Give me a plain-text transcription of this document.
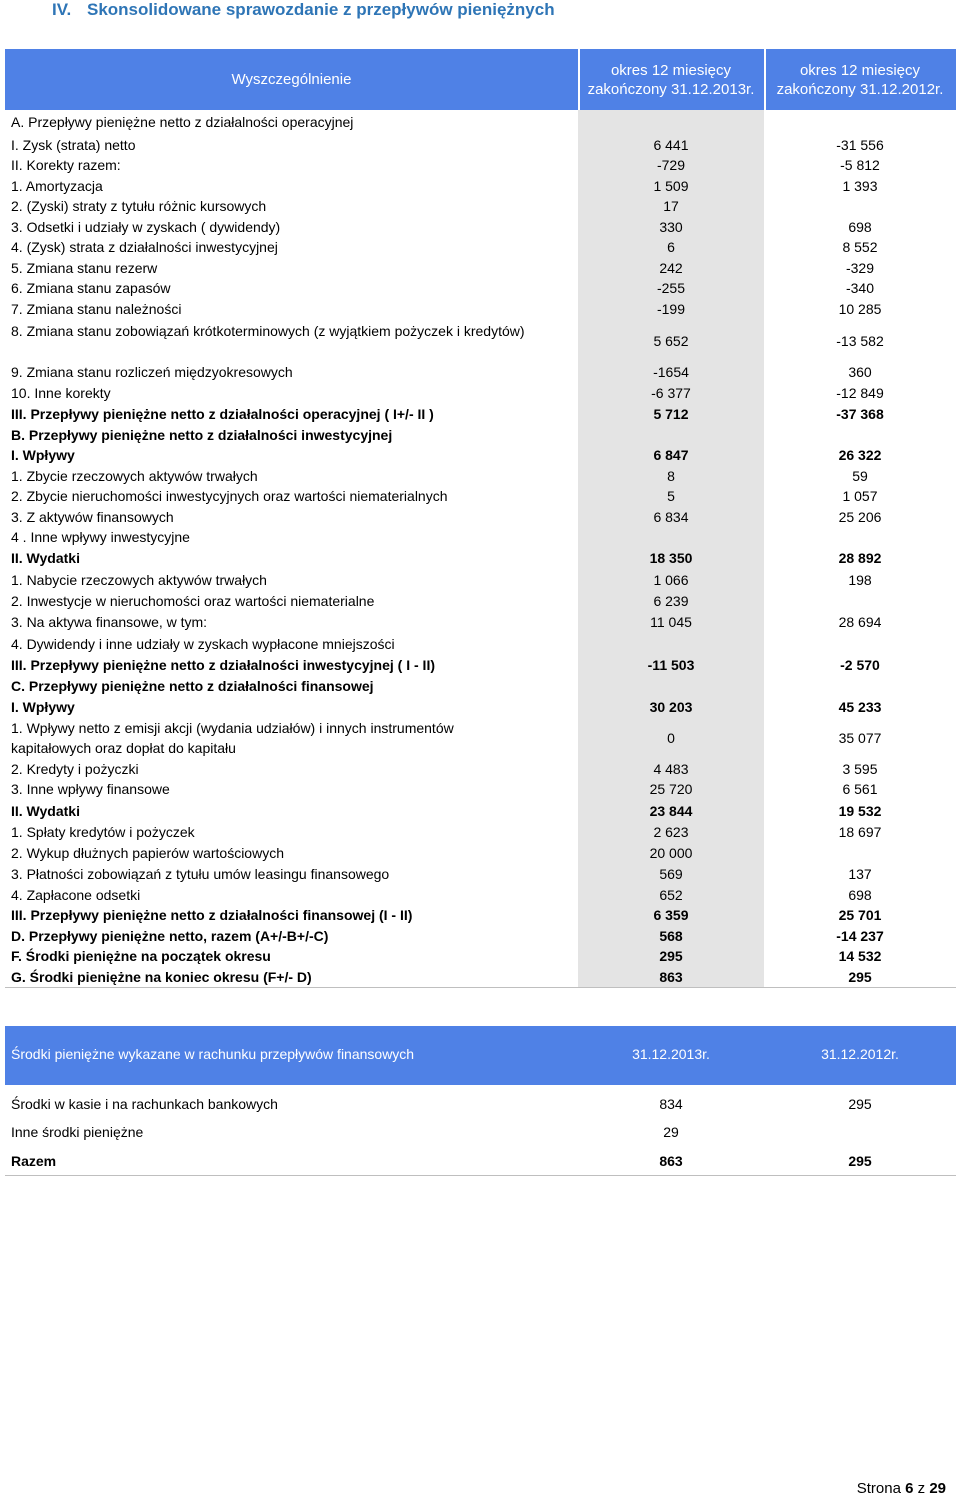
IV. Skonsolidowane sprawozdanie z przepływów pieniężnych
Wyszczególnienie
okres 12 miesięcy zakończony 31.12.2013r.
okres 12 miesięcy zakończony 31.12.2012r.
A. Przepływy pieniężne netto z działalności operacyjnej
I. Zysk (strata) netto	6 441	-31 556
II. Korekty razem:	-729	-5 812
1. Amortyzacja	1 509	1 393
2. (Zyski) straty z tytułu różnic kursowych	17
3. Odsetki i udziały w zyskach ( dywidendy)	330	698
4. (Zysk) strata z działalności inwestycyjnej	6	8 552
5. Zmiana stanu rezerw	242	-329
6. Zmiana stanu zapasów	-255	-340
7. Zmiana stanu należności	-199	10 285
8. Zmiana stanu zobowiązań krótkoterminowych (z wyjątkiem pożyczek i kredytów)
5 652	-13 582
9. Zmiana stanu rozliczeń międzyokresowych	-1654	360
10. Inne korekty	-6 377	-12 849
III. Przepływy pieniężne netto z działalności operacyjnej ( I+/- II )	5 712	-37 368
B. Przepływy pieniężne netto z działalności inwestycyjnej
I. Wpływy	6 847	26 322
1. Zbycie rzeczowych aktywów trwałych	8	59
2. Zbycie nieruchomości inwestycyjnych oraz wartości niematerialnych	5	1 057
3. Z aktywów finansowych	6 834	25 206
4 . Inne wpływy inwestycyjne
II. Wydatki	18 350	28 892
1. Nabycie rzeczowych aktywów trwałych	1 066	198
2. Inwestycje w nieruchomości oraz wartości niematerialne	6 239
3. Na aktywa finansowe, w tym:	11 045	28 694
4. Dywidendy i inne udziały w zyskach wypłacone mniejszości
III. Przepływy pieniężne netto z działalności inwestycyjnej ( I - II)	-11 503	-2 570
C. Przepływy pieniężne netto z działalności finansowej
I. Wpływy	30 203	45 233
1. Wpływy netto z emisji akcji (wydania udziałów) i innych instrumentów kapitałowych oraz dopłat do kapitału
0	35 077
2. Kredyty i pożyczki	4 483	3 595
3. Inne wpływy finansowe	25 720	6 561
II. Wydatki	23 844	19 532
1. Spłaty kredytów i pożyczek	2 623	18 697
2. Wykup dłużnych papierów wartościowych	20 000
3. Płatności zobowiązań z tytułu umów leasingu finansowego	569	137
4. Zapłacone odsetki	652	698
III. Przepływy pieniężne netto z działalności finansowej (I - II)	6 359	25 701
D. Przepływy pieniężne netto, razem (A+/-B+/-C)	568	-14 237
F. Środki pieniężne na początek okresu	295	14 532
G. Środki pieniężne na koniec okresu (F+/- D)	863	295
Środki pieniężne wykazane w rachunku przepływów finansowych	31.12.2013r.	31.12.2012r.
Środki w kasie i na rachunkach bankowych	834	295
Inne środki pieniężne	29
Razem	863	295
Strona 6 z 29
